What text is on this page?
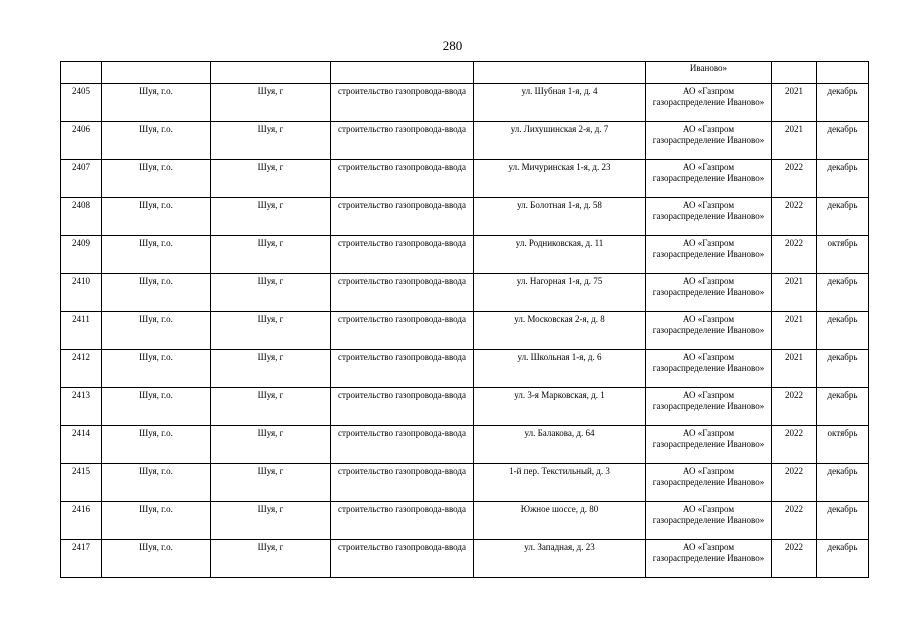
280
					Иваново»		
2405	Шуя, г.о.	Шуя, г	строительство газопровода-ввода	ул. Шубная 1-я, д. 4	АО «Газпром газораспределение Иваново»	2021	декабрь
2406	Шуя, г.о.	Шуя, г	строительство газопровода-ввода	ул. Лихушинская 2-я, д. 7	АО «Газпром газораспределение Иваново»	2021	декабрь
2407	Шуя, г.о.	Шуя, г	строительство газопровода-ввода	ул. Мичуринская 1-я, д. 23	АО «Газпром газораспределение Иваново»	2022	декабрь
2408	Шуя, г.о.	Шуя, г	строительство газопровода-ввода	ул. Болотная 1-я, д. 58	АО «Газпром газораспределение Иваново»	2022	декабрь
2409	Шуя, г.о.	Шуя, г	строительство газопровода-ввода	ул. Родниковская, д. 11	АО «Газпром газораспределение Иваново»	2022	октябрь
2410	Шуя, г.о.	Шуя, г	строительство газопровода-ввода	ул. Нагорная 1-я, д. 75	АО «Газпром газораспределение Иваново»	2021	декабрь
2411	Шуя, г.о.	Шуя, г	строительство газопровода-ввода	ул. Московская 2-я, д. 8	АО «Газпром газораспределение Иваново»	2021	декабрь
2412	Шуя, г.о.	Шуя, г	строительство газопровода-ввода	ул. Школьная 1-я, д. 6	АО «Газпром газораспределение Иваново»	2021	декабрь
2413	Шуя, г.о.	Шуя, г	строительство газопровода-ввода	ул. 3-я Марковская, д. 1	АО «Газпром газораспределение Иваново»	2022	декабрь
2414	Шуя, г.о.	Шуя, г	строительство газопровода-ввода	ул. Балакова, д. 64	АО «Газпром газораспределение Иваново»	2022	октябрь
2415	Шуя, г.о.	Шуя, г	строительство газопровода-ввода	1-й пер. Текстильный, д. 3	АО «Газпром газораспределение Иваново»	2022	декабрь
2416	Шуя, г.о.	Шуя, г	строительство газопровода-ввода	Южное шоссе, д. 80	АО «Газпром газораспределение Иваново»	2022	декабрь
2417	Шуя, г.о.	Шуя, г	строительство газопровода-ввода	ул. Западная, д. 23	АО «Газпром газораспределение Иваново»	2022	декабрь
